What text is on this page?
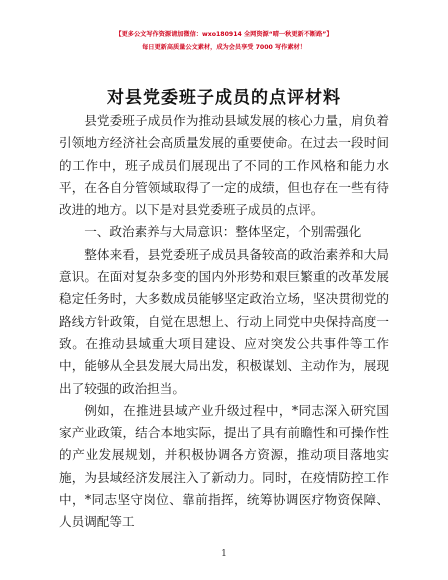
【更多公文写作资源请加微信：wxo180914 全网资源“晴一秋更新不断路”】
每日更新高质量公文素材，成为会员享受 7000 写作素材！
对县党委班子成员的点评材料

县党委班子成员作为推动县域发展的核心力量，肩负着引领地方经济社会高质量发展的重要使命。在过去一段时间的工作中，班子成员们展现出了不同的工作风格和能力水平，在各自分管领域取得了一定的成绩，但也存在一些有待改进的地方。以下是对县党委班子成员的点评。

一、政治素养与大局意识：整体坚定，个别需强化

整体来看，县党委班子成员具备较高的政治素养和大局意识。在面对复杂多变的国内外形势和艰巨繁重的改革发展稳定任务时，大多数成员能够坚定政治立场，坚决贯彻党的路线方针政策，自觉在思想上、行动上同党中央保持高度一致。在推动县域重大项目建设、应对突发公共事件等工作中，能够从全县发展大局出发，积极谋划、主动作为，展现出了较强的政治担当。

例如，在推进县域产业升级过程中，*同志深入研究国家产业政策，结合本地实际，提出了具有前瞻性和可操作性的产业发展规划，并积极协调各方资源，推动项目落地实施，为县域经济发展注入了新动力。同时，在疫情防控工作中，*同志坚守岗位、靠前指挥，统筹协调医疗物资保障、人员调配等工

1
